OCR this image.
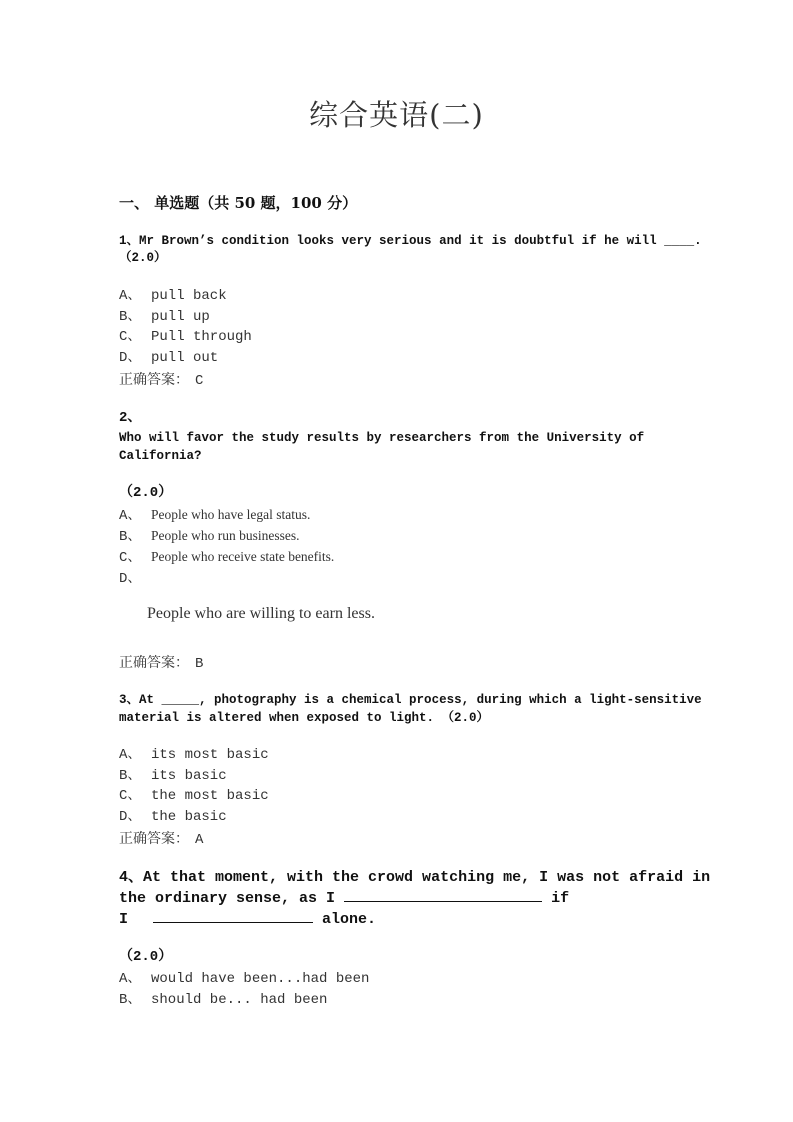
综合英语(二)
一、 单选题（共 50 题，100 分）
1、Mr Brown’s condition looks very serious and it is doubtful if he will ____.
（2.0）
A、 pull back
B、 pull up
C、 Pull through
D、 pull out
正确答案： C
2、
Who will favor the study results by researchers from the University of
California?
（2.0）
A、 People who have legal status.
B、 People who run businesses.
C、 People who receive state benefits.
D、
People who are willing to earn less.
正确答案： B
3、At _____, photography is a chemical process, during which a light-sensitive
material is altered when exposed to light. （2.0）
A、 its most basic
B、 its basic
C、 the most basic
D、 the basic
正确答案： A
4、At that moment, with the crowd watching me, I was not afraid in
the ordinary sense, as I	if
I	alone.
（2.0）
A、 would have been...had been
B、 should be... had been
